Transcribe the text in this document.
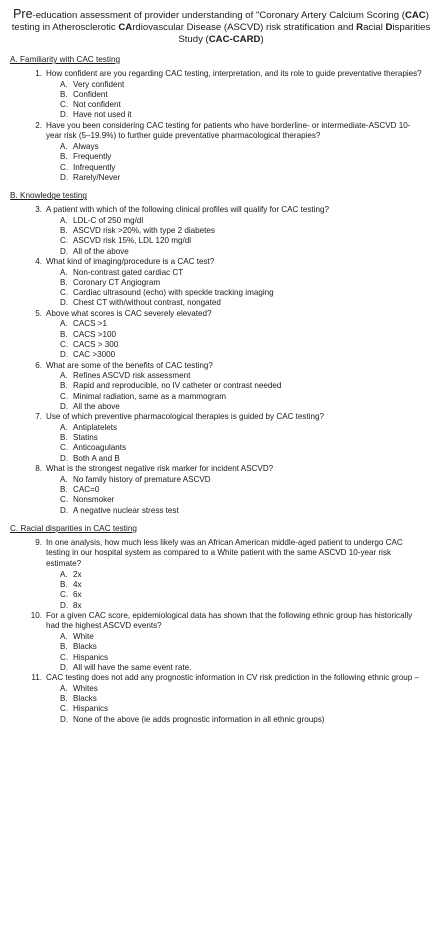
Pre-education assessment of provider understanding of "Coronary Artery Calcium Scoring (CAC) testing in Atherosclerotic CArdiovascular Disease (ASCVD) risk stratification and Racial Disparities Study (CAC-CARD)
A. Familiarity with CAC testing
1. How confident are you regarding CAC testing, interpretation, and its role to guide preventative therapies?
A. Very confident
B. Confident
C. Not confident
D. Have not used it
2. Have you been considering CAC testing for patients who have borderline- or intermediate-ASCVD 10-year risk (5–19.9%) to further guide preventative pharmacological therapies?
A. Always
B. Frequently
C. Infrequently
D. Rarely/Never
B. Knowledge testing
3. A patient with which of the following clinical profiles will qualify for CAC testing?
A. LDL-C of 250 mg/dl
B. ASCVD risk >20%, with type 2 diabetes
C. ASCVD risk 15%, LDL 120 mg/dl
D. All of the above
4. What kind of imaging/procedure is a CAC test?
A. Non-contrast gated cardiac CT
B. Coronary CT Angiogram
C. Cardiac ultrasound (echo) with speckle tracking imaging
D. Chest CT with/without contrast, nongated
5. Above what scores is CAC severely elevated?
A. CACS >1
B. CACS >100
C. CACS > 300
D. CAC >3000
6. What are some of the benefits of CAC testing?
A. Refines ASCVD risk assessment
B. Rapid and reproducible, no IV catheter or contrast needed
C. Minimal radiation, same as a mammogram
D. All the above
7. Use of which preventive pharmacological therapies is guided by CAC testing?
A. Antiplatelets
B. Statins
C. Anticoagulants
D. Both A and B
8. What is the strongest negative risk marker for incident ASCVD?
A. No family history of premature ASCVD
B. CAC=0
C. Nonsmoker
D. A negative nuclear stress test
C. Racial disparities in CAC testing
9. In one analysis, how much less likely was an African American middle-aged patient to undergo CAC testing in our hospital system as compared to a White patient with the same ASCVD 10-year risk estimate?
A. 2x
B. 4x
C. 6x
D. 8x
10. For a given CAC score, epidemiological data has shown that the following ethnic group has historically had the highest ASCVD events?
A. White
B. Blacks
C. Hispanics
D. All will have the same event rate.
11. CAC testing does not add any prognostic information in CV risk prediction in the following ethnic group –
A. Whites
B. Blacks
C. Hispanics
D. None of the above (ie adds prognostic information in all ethnic groups)
